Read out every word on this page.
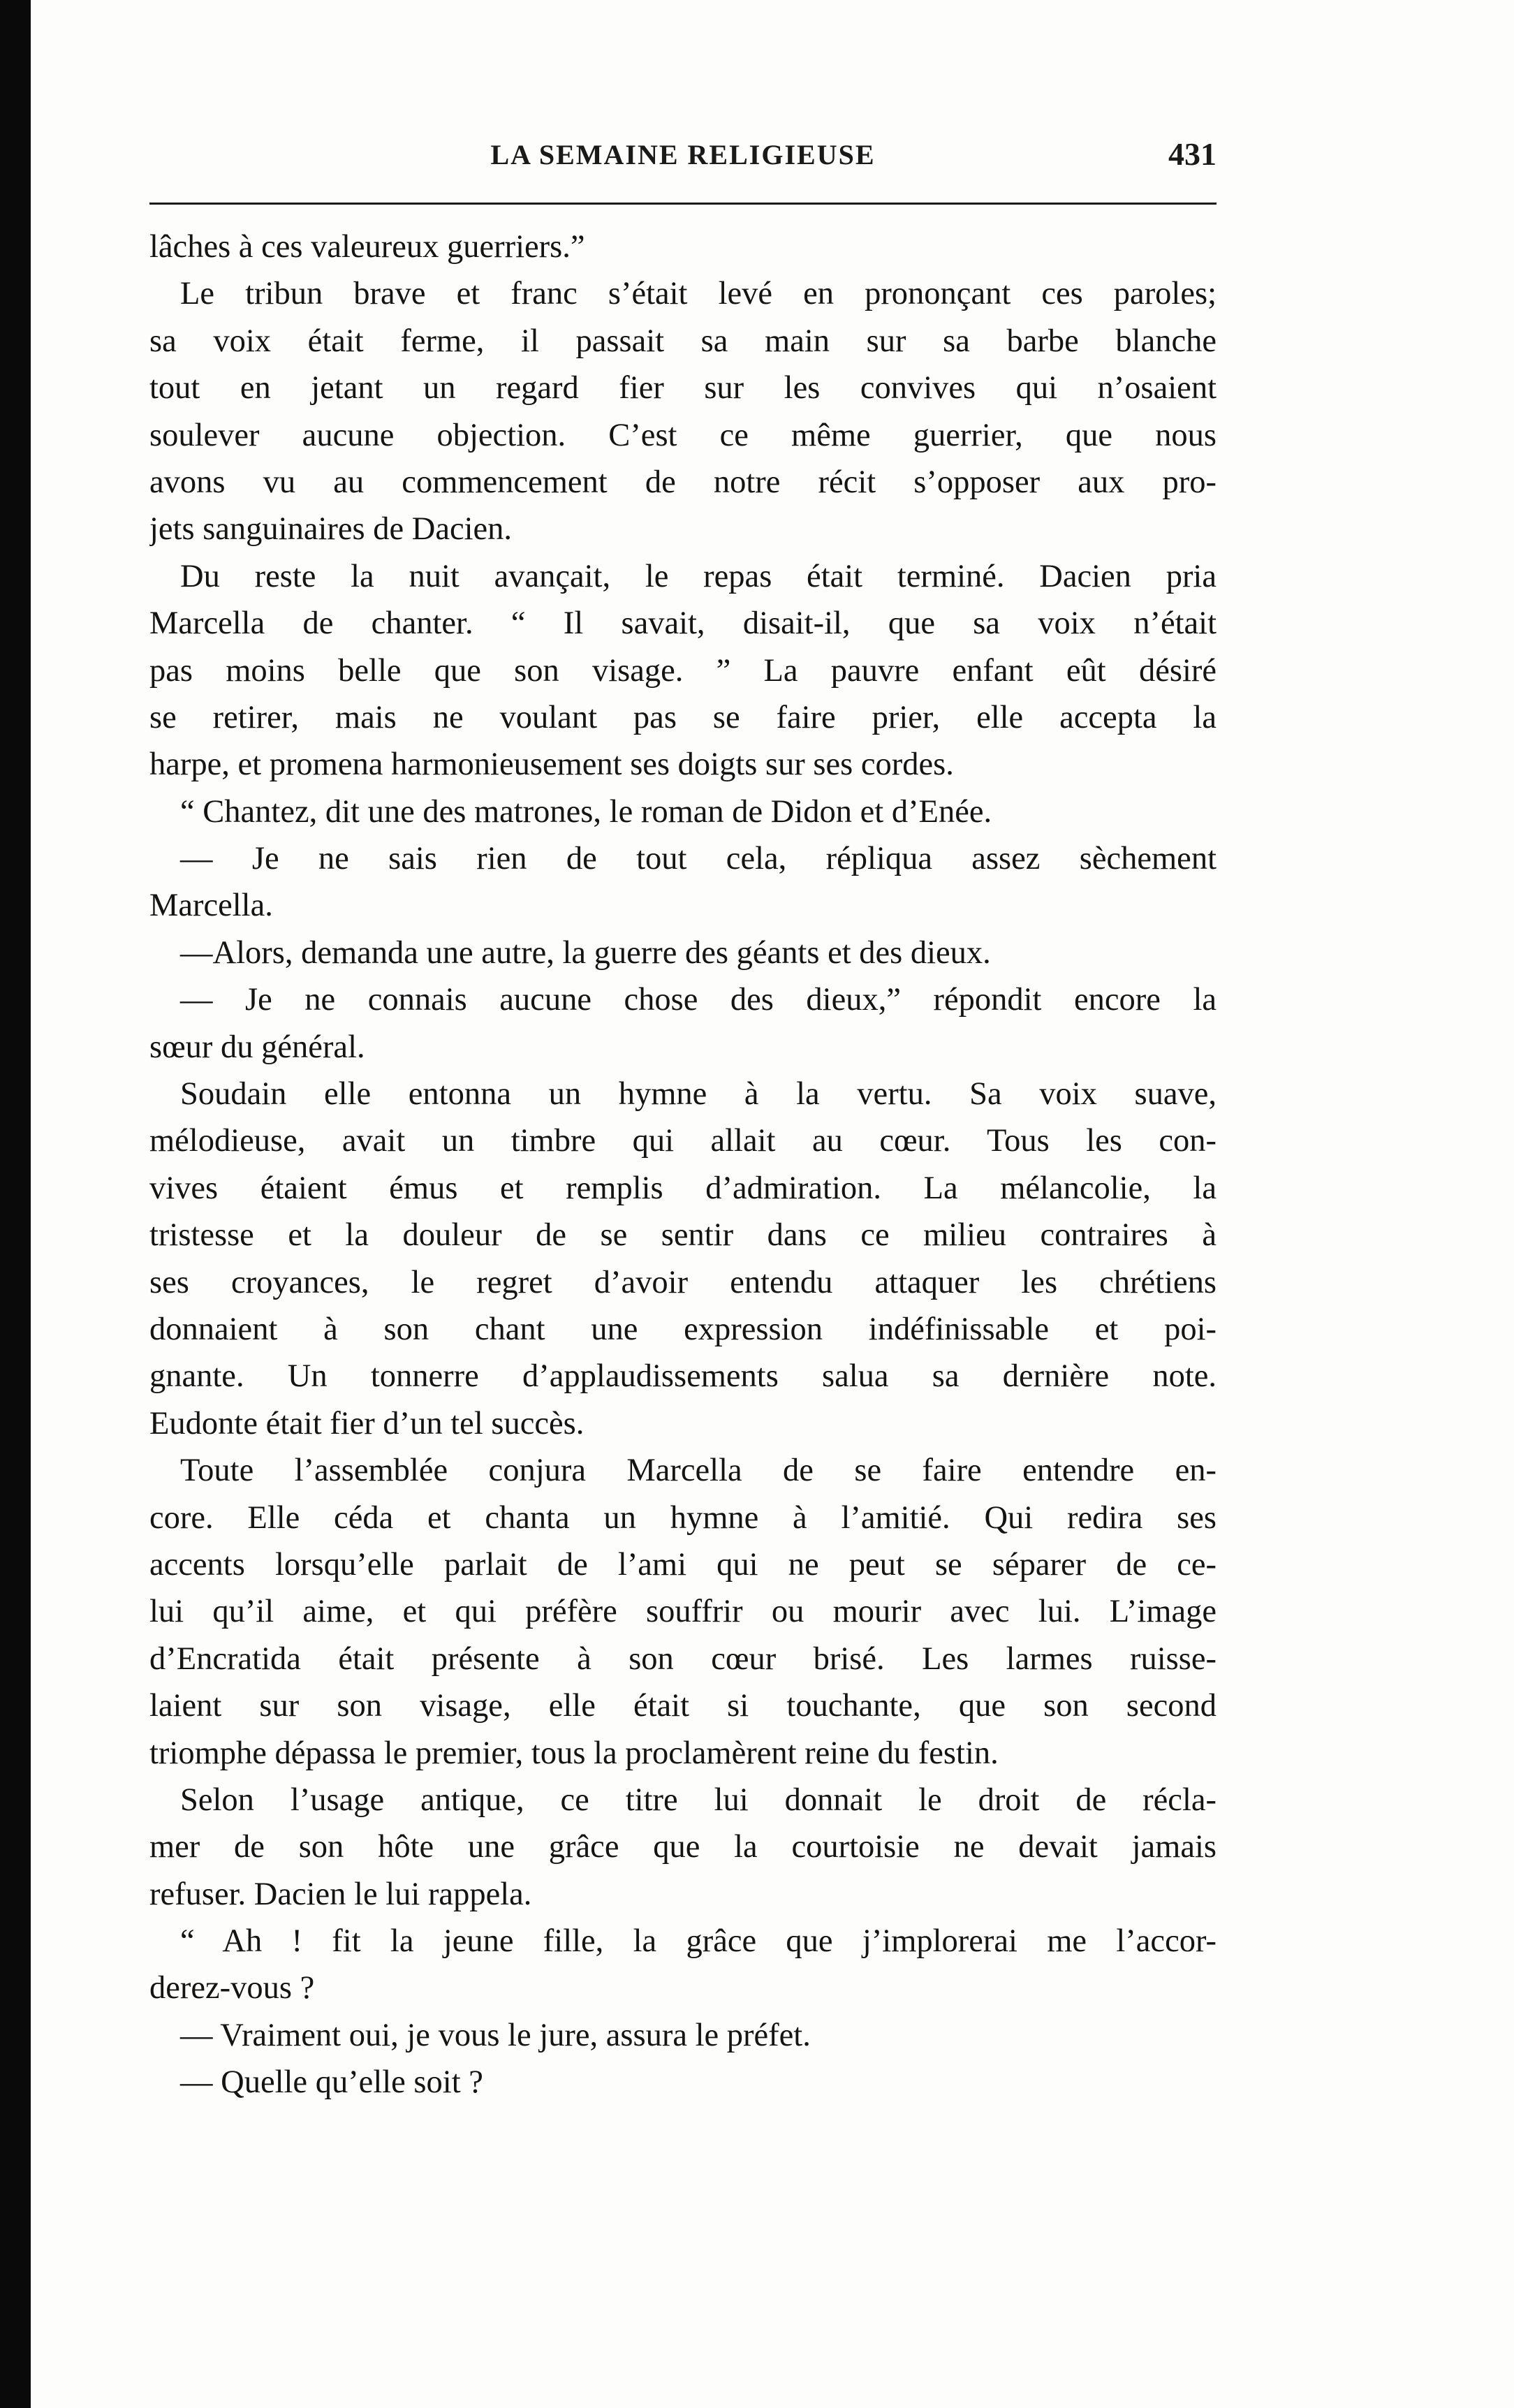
LA SEMAINE RELIGIEUSE	431
lâches à ces valeureux guerriers.”
Le tribun brave et franc s’était levé en prononçant ces paroles;
sa voix était ferme, il passait sa main sur sa barbe blanche
tout en jetant un regard fier sur les convives qui n’osaient
soulever aucune objection. C’est ce même guerrier, que nous
avons vu au commencement de notre récit s’opposer aux pro-
jets sanguinaires de Dacien.
Du reste la nuit avançait, le repas était terminé. Dacien pria
Marcella de chanter. “ Il savait, disait-il, que sa voix n’était
pas moins belle que son visage. ” La pauvre enfant eût désiré
se retirer, mais ne voulant pas se faire prier, elle accepta la
harpe, et promena harmonieusement ses doigts sur ses cordes.
“ Chantez, dit une des matrones, le roman de Didon et d’Enée.
— Je ne sais rien de tout cela, répliqua assez sèchement
Marcella.
—Alors, demanda une autre, la guerre des géants et des dieux.
— Je ne connais aucune chose des dieux,” répondit encore la
sœur du général.
Soudain elle entonna un hymne à la vertu. Sa voix suave,
mélodieuse, avait un timbre qui allait au cœur. Tous les con-
vives étaient émus et remplis d’admiration. La mélancolie, la
tristesse et la douleur de se sentir dans ce milieu contraires à
ses croyances, le regret d’avoir entendu attaquer les chrétiens
donnaient à son chant une expression indéfinissable et poi-
gnante. Un tonnerre d’applaudissements salua sa dernière note.
Eudonte était fier d’un tel succès.
Toute l’assemblée conjura Marcella de se faire entendre en-
core. Elle céda et chanta un hymne à l’amitié. Qui redira ses
accents lorsqu’elle parlait de l’ami qui ne peut se séparer de ce-
lui qu’il aime, et qui préfère souffrir ou mourir avec lui. L’image
d’Encratida était présente à son cœur brisé. Les larmes ruisse-
laient sur son visage, elle était si touchante, que son second
triomphe dépassa le premier, tous la proclamèrent reine du festin.
Selon l’usage antique, ce titre lui donnait le droit de récla-
mer de son hôte une grâce que la courtoisie ne devait jamais
refuser. Dacien le lui rappela.
“ Ah ! fit la jeune fille, la grâce que j’implorerai me l’accor-
derez-vous ?
— Vraiment oui, je vous le jure, assura le préfet.
— Quelle qu’elle soit ?
